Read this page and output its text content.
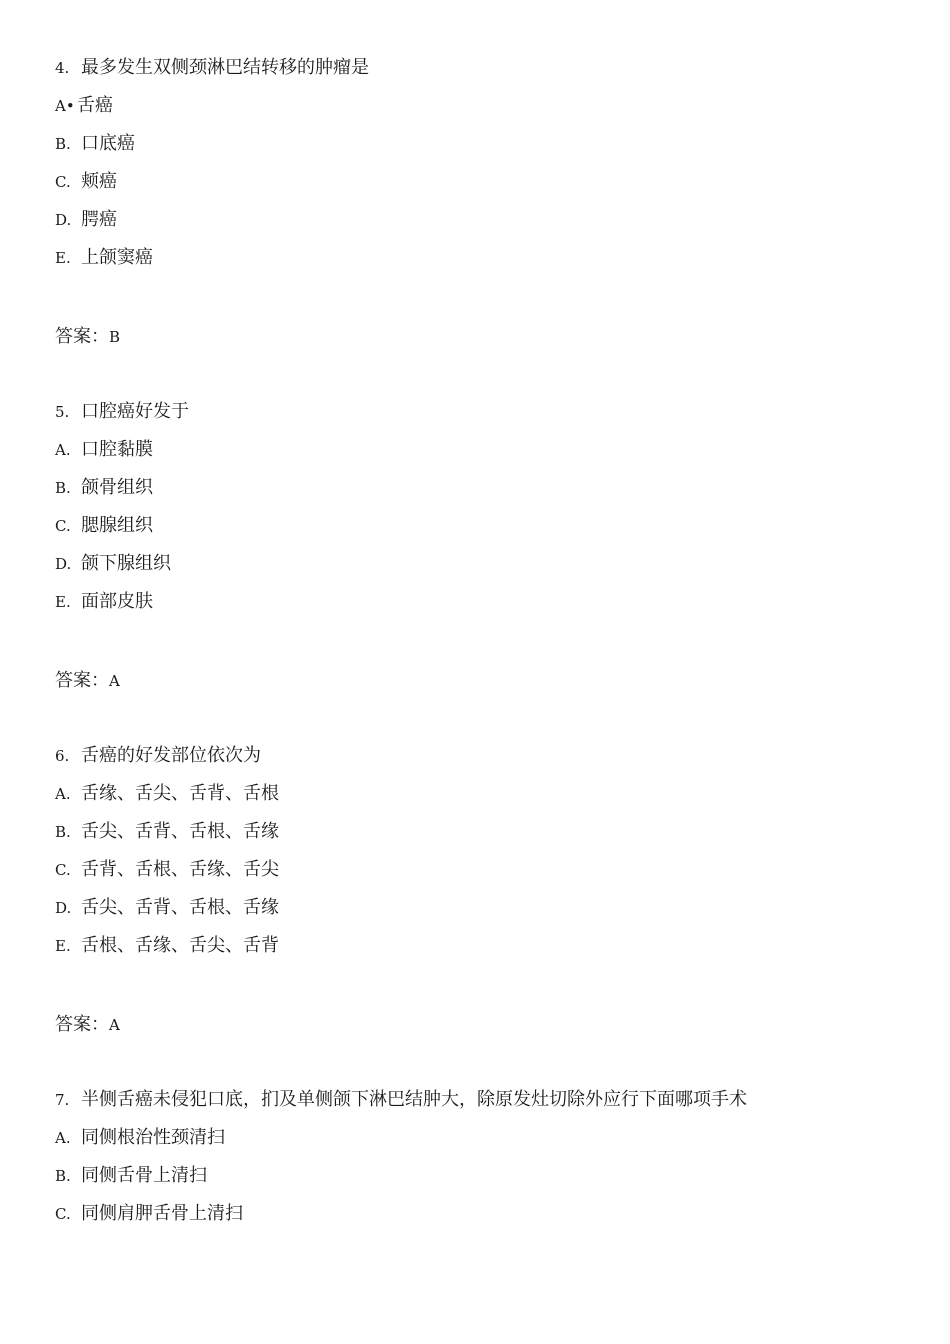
4. 最多发生双侧颈淋巴结转移的肿瘤是
A• 舌癌
B. 口底癌
C. 颊癌
D. 腭癌
E. 上颌窦癌
答案：B
5. 口腔癌好发于
A. 口腔黏膜
B. 颌骨组织
C. 腮腺组织
D. 颌下腺组织
E. 面部皮肤
答案：A
6. 舌癌的好发部位依次为
A. 舌缘、舌尖、舌背、舌根
B. 舌尖、舌背、舌根、舌缘
C. 舌背、舌根、舌缘、舌尖
D. 舌尖、舌背、舌根、舌缘
E. 舌根、舌缘、舌尖、舌背
答案：A
7. 半侧舌癌未侵犯口底，扪及单侧颌下淋巴结肿大，除原发灶切除外应行下面哪项手术
A. 同侧根治性颈清扫
B. 同侧舌骨上清扫
C. 同侧肩胛舌骨上清扫
